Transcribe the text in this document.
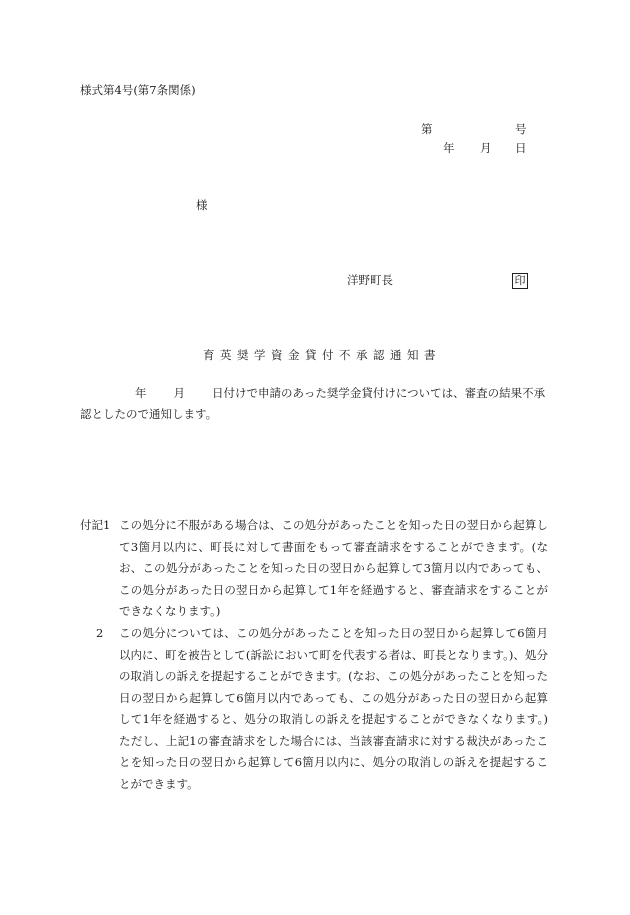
様式第4号(第7条関係)
第	号
年 月 日
様
洋野町長	印
育英奨学資金貸付不承認通知書
年 月 日付けで申請のあった奨学金貸付けについては、審査の結果不承
認としたので通知します。
付記1 この処分に不服がある場合は、この処分があったことを知った日の翌日から起算して3箇月以内に、町長に対して書面をもって審査請求をすることができます。(なお、この処分があったことを知った日の翌日から起算して3箇月以内であっても、この処分があった日の翌日から起算して1年を経過すると、審査請求をすることができなくなります。)
2	この処分については、この処分があったことを知った日の翌日から起算して6箇月以内に、町を被告として(訴訟において町を代表する者は、町長となります。)、処分の取消しの訴えを提起することができます。(なお、この処分があったことを知った日の翌日から起算して6箇月以内であっても、この処分があった日の翌日から起算して1年を経過すると、処分の取消しの訴えを提起することができなくなります。)ただし、上記1の審査請求をした場合には、当該審査請求に対する裁決があったことを知った日の翌日から起算して6箇月以内に、処分の取消しの訴えを提起することができます。
